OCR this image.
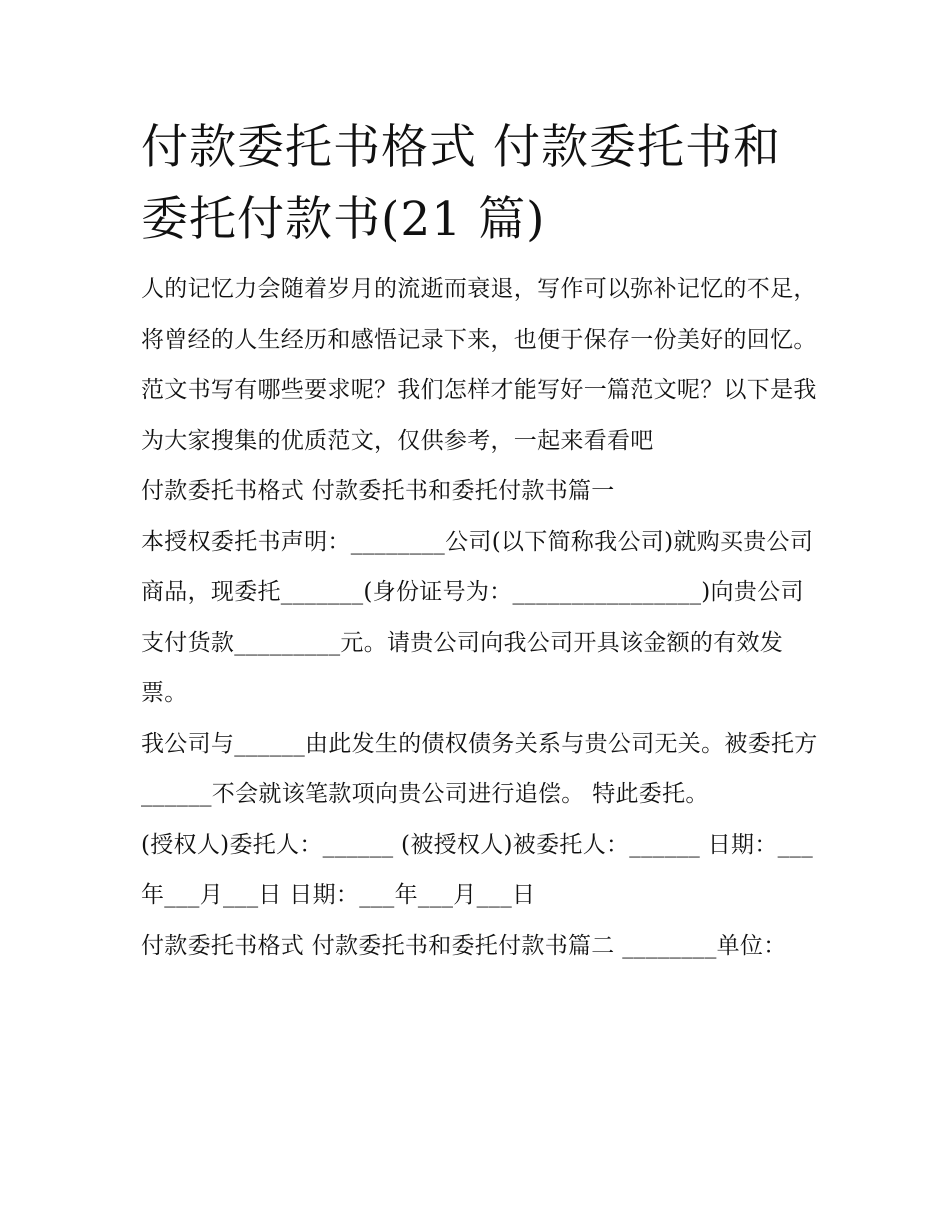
付款委托书格式 付款委托书和委托付款书(21 篇)

人的记忆力会随着岁月的流逝而衰退，写作可以弥补记忆的不足，将曾经的人生经历和感悟记录下来，也便于保存一份美好的回忆。范文书写有哪些要求呢？我们怎样才能写好一篇范文呢？以下是我为大家搜集的优质范文，仅供参考，一起来看看吧

付款委托书格式 付款委托书和委托付款书篇一

本授权委托书声明：________公司(以下简称我公司)就购买贵公司商品，现委托_______(身份证号为：________________)向贵公司支付货款_________元。请贵公司向我公司开具该金额的有效发票。

我公司与______由此发生的债权债务关系与贵公司无关。被委托方______不会就该笔款项向贵公司进行追偿。 特此委托。

(授权人)委托人：______ (被授权人)被委托人：______ 日期：___年___月___日 日期：___年___月___日

付款委托书格式 付款委托书和委托付款书篇二 ________单位：
